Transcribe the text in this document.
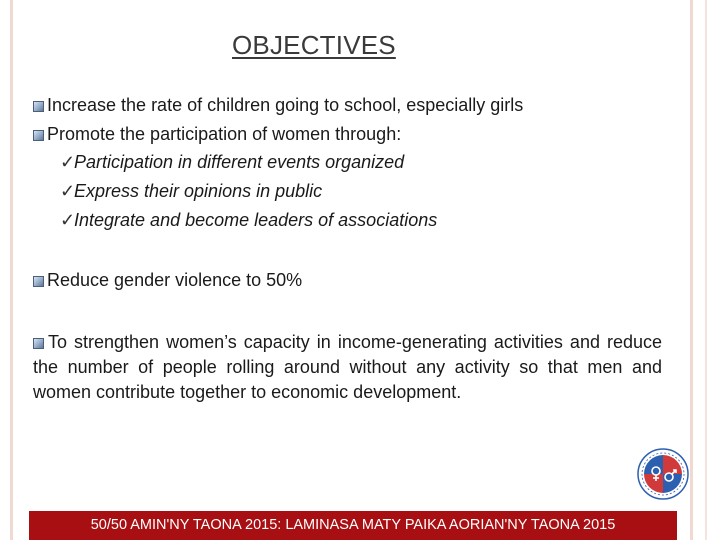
OBJECTIVES
Increase the rate of children going to school, especially girls
Promote the participation of women through:
✓Participation in different events organized
✓Express their opinions in public
✓Integrate and become leaders of associations
Reduce gender violence to 50%
To strengthen women’s capacity in income-generating activities and reduce the number of people rolling around without any activity so that men and women contribute together to economic development.
50/50 AMIN'NY TAONA 2015: LAMINASA MATY PAIKA AORIAN'NY TAONA 2015
